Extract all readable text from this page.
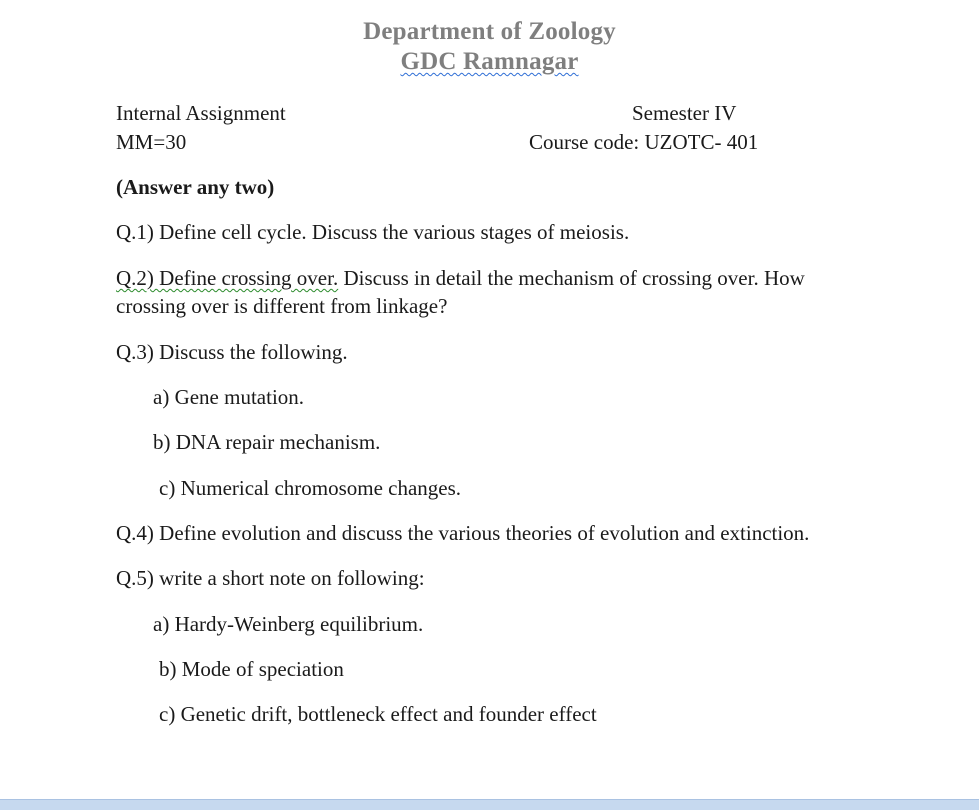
Department of Zoology
GDC Ramnagar
Internal Assignment	Semester IV
MM=30	Course code: UZOTC- 401
(Answer any two)
Q.1) Define cell cycle. Discuss the various stages of meiosis.
Q.2) Define crossing over. Discuss in detail the mechanism of crossing over. How
crossing over is different from linkage?
Q.3) Discuss the following.
a) Gene mutation.
b) DNA repair mechanism.
c) Numerical chromosome changes.
Q.4) Define evolution and discuss the various theories of evolution and extinction.
Q.5) write a short note on following:
a) Hardy-Weinberg equilibrium.
b) Mode of speciation
c) Genetic drift, bottleneck effect and founder effect
